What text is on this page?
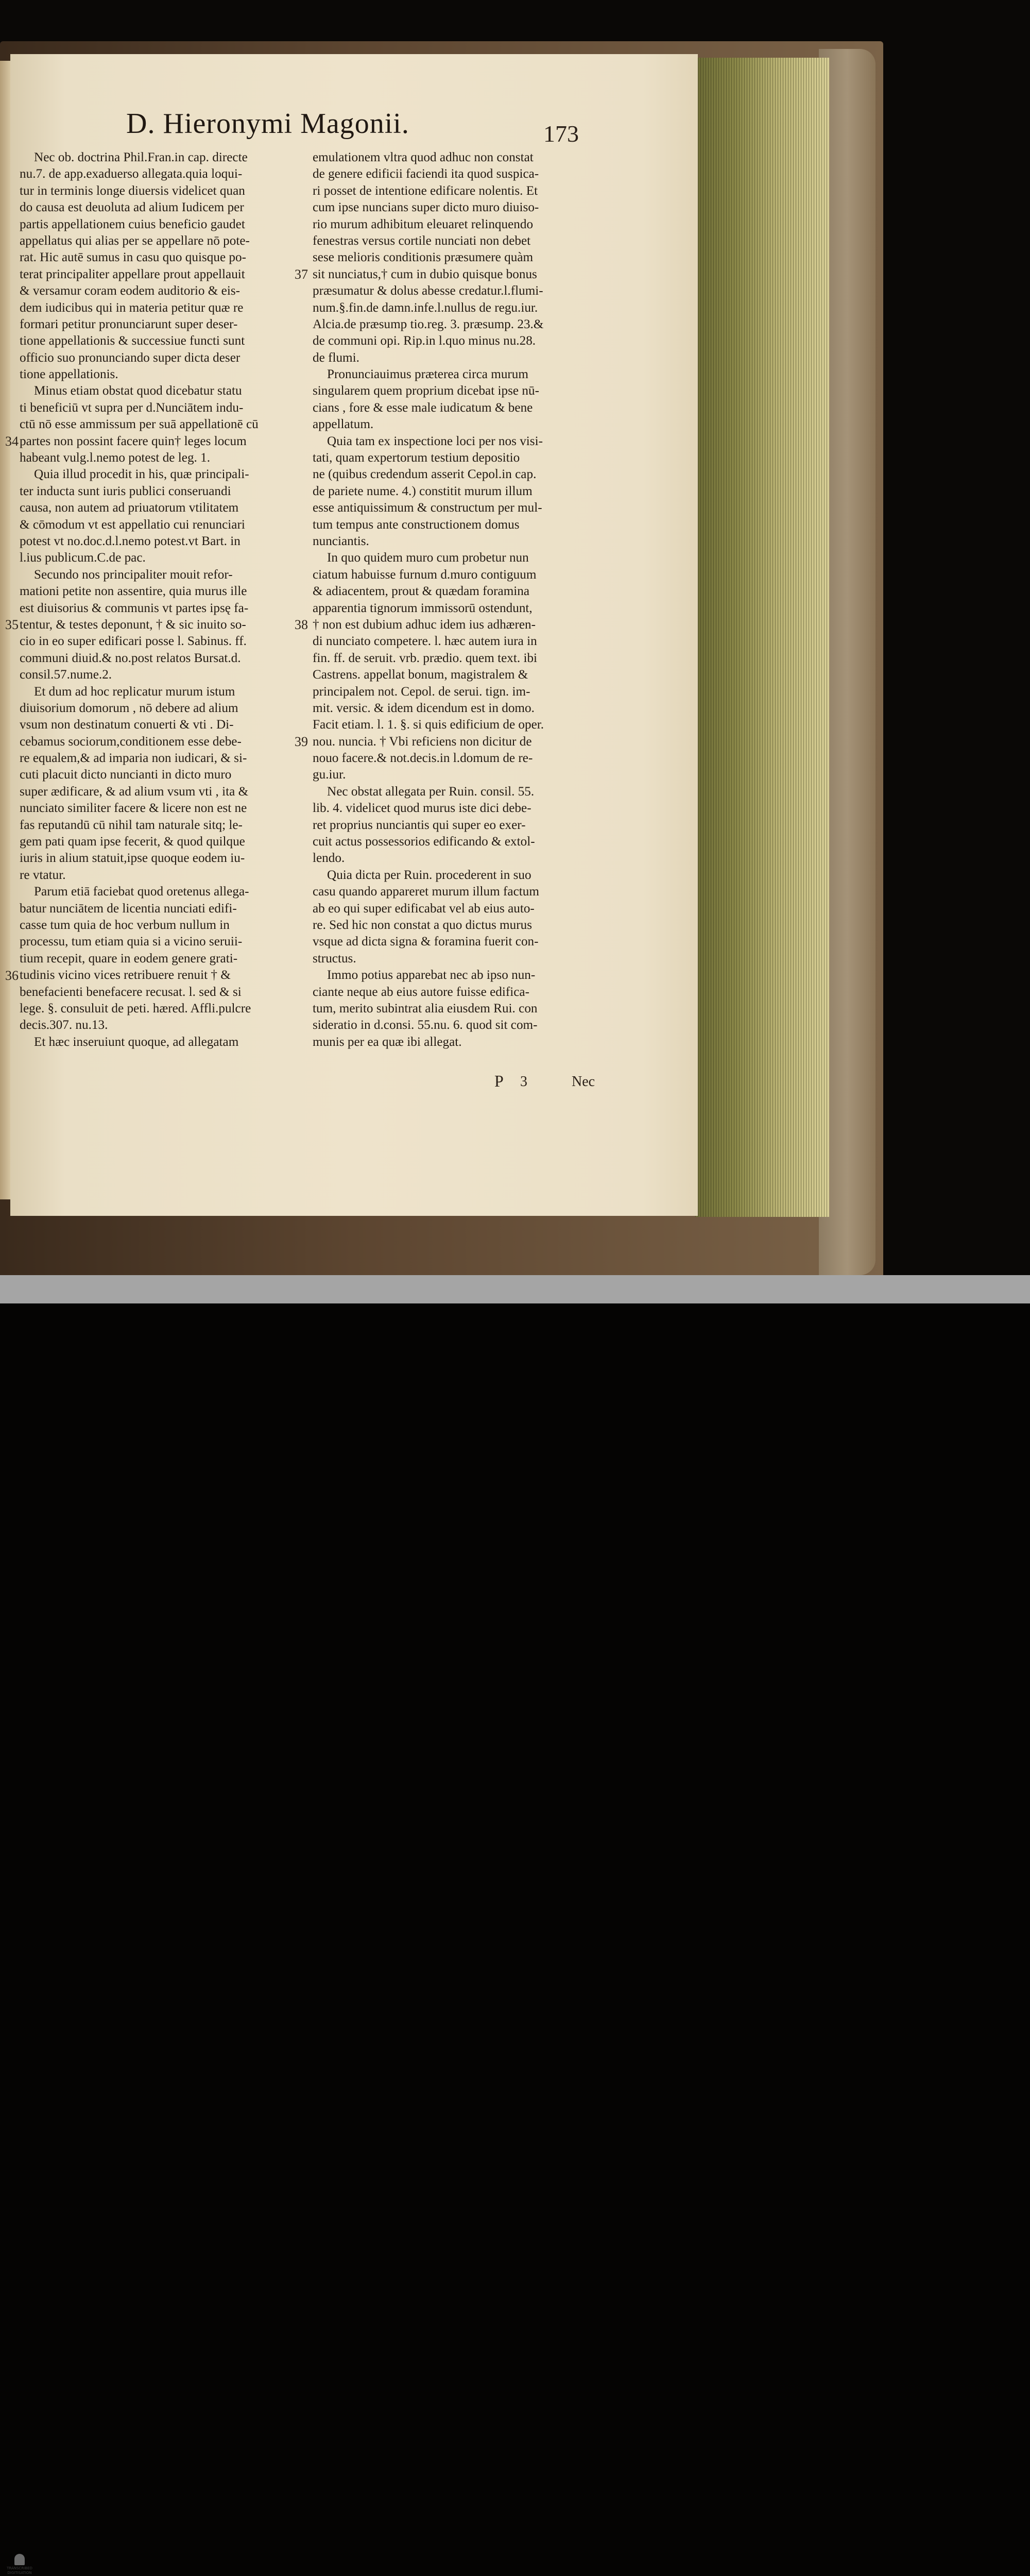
D. Hieronymi Magonii.	173
Nec ob. doctrina Phil.Fran.in cap. directe
nu.7. de app.exaduerso allegata.quia loqui-
tur in terminis longe diuersis videlicet quan
do causa est deuoluta ad alium Iudicem per
partis appellationem cuius beneficio gaudet
appellatus qui alias per se appellare nō pote-
rat. Hic autē sumus in casu quo quisque po-
terat principaliter appellare prout appellauit
& versamur coram eodem auditorio & eis-
dem iudicibus qui in materia petitur quæ re
formari petitur pronunciarunt super deser-
tione appellationis & successiue functi sunt
officio suo pronunciando super dicta deser
tione appellationis.
Minus etiam obstat quod dicebatur statu
ti beneficiū vt supra per d.Nunciātem indu-
ctū nō esse ammissum per suā appellationē cū
partes non possint facere quin† leges locum
habeant vulg.l.nemo potest de leg. 1.
Quia illud procedit in his, quæ principali-
ter inducta sunt iuris publici conseruandi
causa, non autem ad priuatorum vtilitatem
& cōmodum vt est appellatio cui renunciari
potest vt no.doc.d.l.nemo potest.vt Bart. in
l.ius publicum.C.de pac.
Secundo nos principaliter mouit refor-
mationi petite non assentire, quia murus ille
est diuisorius & communis vt partes ipsę fa-
tentur, & testes deponunt, † & sic inuito so-
cio in eo super edificari posse l. Sabinus. ff.
communi diuid.& no.post relatos Bursat.d.
consil.57.nume.2.
Et dum ad hoc replicatur murum istum
diuisorium domorum , nō debere ad alium
vsum non destinatum conuerti & vti . Di-
cebamus sociorum,conditionem esse debe-
re equalem,& ad imparia non iudicari, & si-
cuti placuit dicto nuncianti in dicto muro
super ædificare, & ad alium vsum vti , ita &
nunciato similiter facere & licere non est ne
fas reputandū cū nihil tam naturale sitq; le-
gem pati quam ipse fecerit, & quod quilque
iuris in alium statuit,ipse quoque eodem iu-
re vtatur.
Parum etiā faciebat quod oretenus allega-
batur nunciātem de licentia nunciati edifi-
casse tum quia de hoc verbum nullum in
processu, tum etiam quia si a vicino seruii-
tium recepit, quare in eodem genere grati-
tudinis vicino vices retribuere renuit † &
benefacienti benefacere recusat. l. sed & si
lege. §. consuluit de peti. hæred. Affli.pulcre
decis.307. nu.13.
Et hæc inseruiunt quoque, ad allegatam
emulationem vltra quod adhuc non constat
de genere edificii faciendi ita quod suspica-
ri posset de intentione edificare nolentis. Et
cum ipse nuncians super dicto muro diuiso-
rio murum adhibitum eleuaret relinquendo
fenestras versus cortile nunciati non debet
sese melioris conditionis præsumere quàm
sit nunciatus,† cum in dubio quisque bonus
præsumatur & dolus abesse credatur.l.flumi-
num.§.fin.de damn.infe.l.nullus de regu.iur.
Alcia.de præsump tio.reg. 3. præsump. 23.&
de communi opi. Rip.in l.quo minus nu.28.
de flumi.
Pronunciauimus præterea circa murum
singularem quem proprium dicebat ipse nū-
cians , fore & esse male iudicatum & bene
appellatum.
Quia tam ex inspectione loci per nos visi-
tati, quam expertorum testium depositio
ne (quibus credendum asserit Cepol.in cap.
de pariete nume. 4.) constitit murum illum
esse antiquissimum & constructum per mul-
tum tempus ante constructionem domus
nunciantis.
In quo quidem muro cum probetur nun
ciatum habuisse furnum d.muro contiguum
& adiacentem, prout & quædam foramina
apparentia tignorum immissorū ostendunt,
† non est dubium adhuc idem ius adhæren-
di nunciato competere. l. hæc autem iura in
fin. ff. de seruit. vrb. prædio. quem text. ibi
Castrens. appellat bonum, magistralem &
principalem not. Cepol. de serui. tign. im-
mit. versic. & idem dicendum est in domo.
Facit etiam. l. 1. §. si quis edificium de oper.
nou. nuncia. † Vbi reficiens non dicitur de
nouo facere.& not.decis.in l.domum de re-
gu.iur.
Nec obstat allegata per Ruin. consil. 55.
lib. 4. videlicet quod murus iste dici debe-
ret proprius nunciantis qui super eo exer-
cuit actus possessorios edificando & extol-
lendo.
Quia dicta per Ruin. procederent in suo
casu quando appareret murum illum factum
ab eo qui super edificabat vel ab eius auto-
re. Sed hic non constat a quo dictus murus
vsque ad dicta signa & foramina fuerit con-
structus.
Immo potius apparebat nec ab ipso nun-
ciante neque ab eius autore fuisse edifica-
tum, merito subintrat alia eiusdem Rui. con
sideratio in d.consi. 55.nu. 6. quod sit com-
munis per ea quæ ibi allegat.
P	3	Nec
34
35
36
37
38
39
TRANSCRIBED DIGITISATION
